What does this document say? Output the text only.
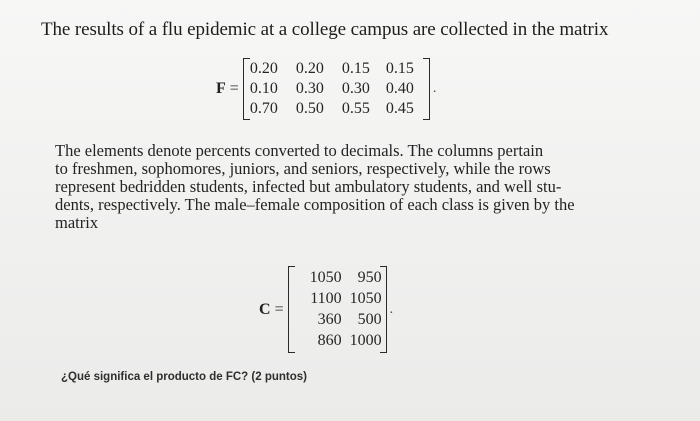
The results of a flu epidemic at a college campus are collected in the matrix
F =
0.20	0.20	0.15	0.15
0.10	0.30	0.30	0.40
0.70	0.50	0.55	0.45
.

The elements denote percents converted to decimals. The columns pertain

to freshmen, sophomores, juniors, and seniors, respectively, while the rows

represent bedridden students, infected but ambulatory students, and well stu-

dents, respectively. The male–female composition of each class is given by the

matrix

C =
1050	950
1100 1050
360	500
860 1000
.
¿Qué significa el producto de FC? (2 puntos)
